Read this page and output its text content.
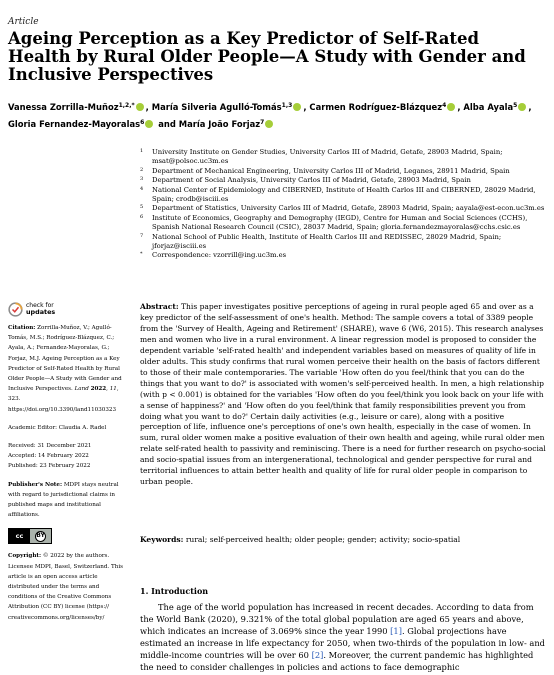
Article
Ageing Perception as a Key Predictor of Self-Rated Health by Rural Older People—A Study with Gender and Inclusive Perspectives
Vanessa Zorrilla-Muñoz$^{1,2,*}$ , María Silveria Agulló-Tomás$^{1,3}$ , Carmen Rodríguez-Blázquez$^4$ , Alba Ayala$^5$ ,
Gloria Fernandez-Mayoralas$^6$ and María João Forjaz$^7$
1 University Institute on Gender Studies, University Carlos III of Madrid, Getafe, 28903 Madrid, Spain; msat@polsoc.uc3m.es
2 Department of Mechanical Engineering, University Carlos III of Madrid, Leganes, 28911 Madrid, Spain
3 Department of Social Analysis, University Carlos III of Madrid, Getafe, 28903 Madrid, Spain
4 National Center of Epidemiology and CIBERNED, Institute of Health Carlos III and CIBERNED, 28029 Madrid, Spain; crodb@isciii.es
5 Department of Statistics, University Carlos III of Madrid, Getafe, 28903 Madrid, Spain; aayala@est-econ.uc3m.es
6 Institute of Economics, Geography and Demography (IEGD), Centre for Human and Social Sciences (CCHS), Spanish National Research Council (CSIC), 28037 Madrid, Spain; gloria.fernandezmayoralas@cchs.csic.es
7 National School of Public Health, Institute of Health Carlos III and REDISSEC, 28029 Madrid, Spain; jforjaz@isciii.es
* Correspondence: vzorrill@ing.uc3m.es
check for
updates
Citation: Zorrilla-Muñoz, V.; Agulló-Tomás, M.S.; Rodríguez-Blázquez, C.; Ayala, A.; Fernandez-Mayoralas, G.; Forjaz, M.J. Ageing Perception as a Key Predictor of Self-Rated Health by Rural Older People—A Study with Gender and Inclusive Perspectives. Land 2022, 11, 323. https://doi.org/10.3390/land11030323
Academic Editor: Claudia A. Radel
Received: 31 December 2021
Accepted: 14 February 2022
Published: 23 February 2022
Publisher's Note: MDPI stays neutral with regard to jurisdictional claims in published maps and institutional affiliations.
cc	BY
Copyright: © 2022 by the authors. Licensee MDPI, Basel, Switzerland. This article is an open access article distributed under the terms and conditions of the Creative Commons Attribution (CC BY) license (https:// creativecommons.org/licenses/by/
Abstract: This paper investigates positive perceptions of ageing in rural people aged 65 and over as a key predictor of the self-assessment of one's health. Method: The sample covers a total of 3389 people from the 'Survey of Health, Ageing and Retirement' (SHARE), wave 6 (W6, 2015). This research analyses men and women who live in a rural environment. A linear regression model is proposed to consider the dependent variable 'self-rated health' and independent variables based on measures of quality of life in older adults. This study confirms that rural women perceive their health on the basis of factors different to those of their male contemporaries. The variable 'How often do you feel/think that you can do the things that you want to do?' is associated with women's self-perceived health. In men, a high relationship (with p < 0.001) is obtained for the variables 'How often do you feel/think you look back on your life with a sense of happiness?' and 'How often do you feel/think that family responsibilities prevent you from doing what you want to do?' Certain daily activities (e.g., leisure or care), along with a positive perception of life, influence one's perceptions of one's own health, especially in the case of women. In sum, rural older women make a positive evaluation of their own health and ageing, while rural older men relate self-rated health to passivity and reminiscing. There is a need for further research on psycho-social and socio-spatial issues from an intergenerational, technological and gender perspective for rural and territorial influences to attain better health and quality of life for rural older people in comparison to urban people.
Keywords: rural; self-perceived health; older people; gender; activity; socio-spatial
1. Introduction
The age of the world population has increased in recent decades. According to data from the World Bank (2020), 9.321% of the total global population are aged 65 years and above, which indicates an increase of 3.069% since the year 1990 [1]. Global projections have estimated an increase in life expectancy for 2050, when two-thirds of the population in low- and middle-income countries will be over 60 [2]. Moreover, the current pandemic has highlighted the need to consider challenges in policies and actions to face demographic
